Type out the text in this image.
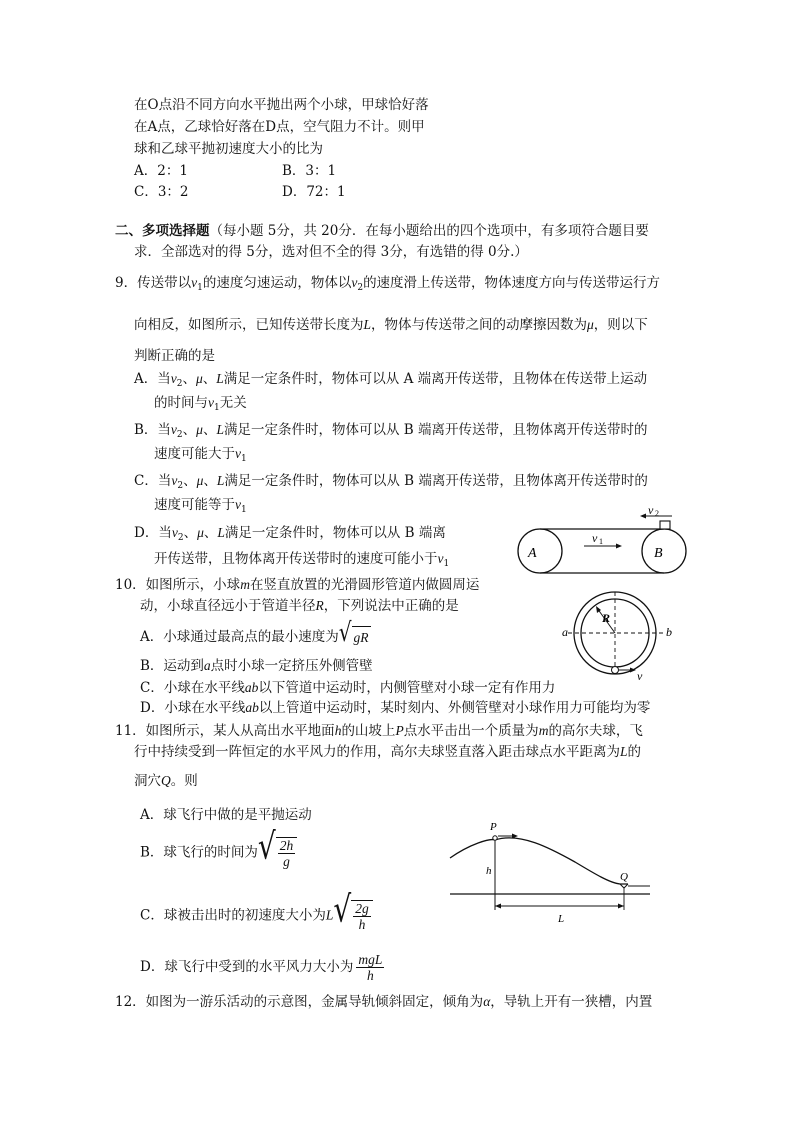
在O点沿不同方向水平抛出两个小球，甲球恰好落
在A点，乙球恰好落在D点，空气阻力不计。则甲
球和乙球平抛初速度大小的比为
A．2：1	B．3：1
C．3：2	D．72：1
二、多项选择题（每小题 5分，共 20分．在每小题给出的四个选项中，有多项符合题目要
求．全部选对的得 5分，选对但不全的得 3分，有选错的得 0分.）
9．传送带以$v_1$的速度匀速运动，物体以$v_2$的速度滑上传送带，物体速度方向与传送带运行方
向相反，如图所示，已知传送带长度为L，物体与传送带之间的动摩擦因数为μ，则以下
判断正确的是
A．当$v_2$、μ、L满足一定条件时，物体可以从 A 端离开传送带，且物体在传送带上运动
的时间与$v_1$无关
B．当$v_2$、μ、L满足一定条件时，物体可以从 B 端离开传送带，且物体离开传送带时的
速度可能大于$v_1$
C．当$v_2$、μ、L满足一定条件时，物体可以从 B 端离开传送带，且物体离开传送带时的
速度可能等于$v_1$
D．当$v_2$、μ、L满足一定条件时，物体可以从 B 端离
开传送带，且物体离开传送带时的速度可能小于$v_1$
A	B
v 1
v 2
10．如图所示，小球m在竖直放置的光滑圆形管道内做圆周运
动，小球直径远小于管道半径R，下列说法中正确的是
A．小球通过最高点的最小速度为 √ gR
B．运动到a点时小球一定挤压外侧管壁
C．小球在水平线ab以下管道中运动时，内侧管壁对小球一定有作用力
D．小球在水平线ab以上管道中运动时，某时刻内、外侧管壁对小球作用力可能均为零
R
a	b
v
11．如图所示，某人从高出水平地面h的山坡上P点水平击出一个质量为m的高尔夫球，飞
行中持续受到一阵恒定的水平风力的作用，高尔夫球竖直落入距击球点水平距离为L的
洞穴Q。则
A．球飞行中做的是平抛运动
B．球飞行的时间为 √ $\frac{2h}{g}$
C．球被击出时的初速度大小为L √ $\frac{2g}{h}$
D．球飞行中受到的水平风力大小为 $\frac{\text{mgL}}{h}$
P
h	Q
L
12．如图为一游乐活动的示意图，金属导轨倾斜固定，倾角为α，导轨上开有一狭槽，内置
